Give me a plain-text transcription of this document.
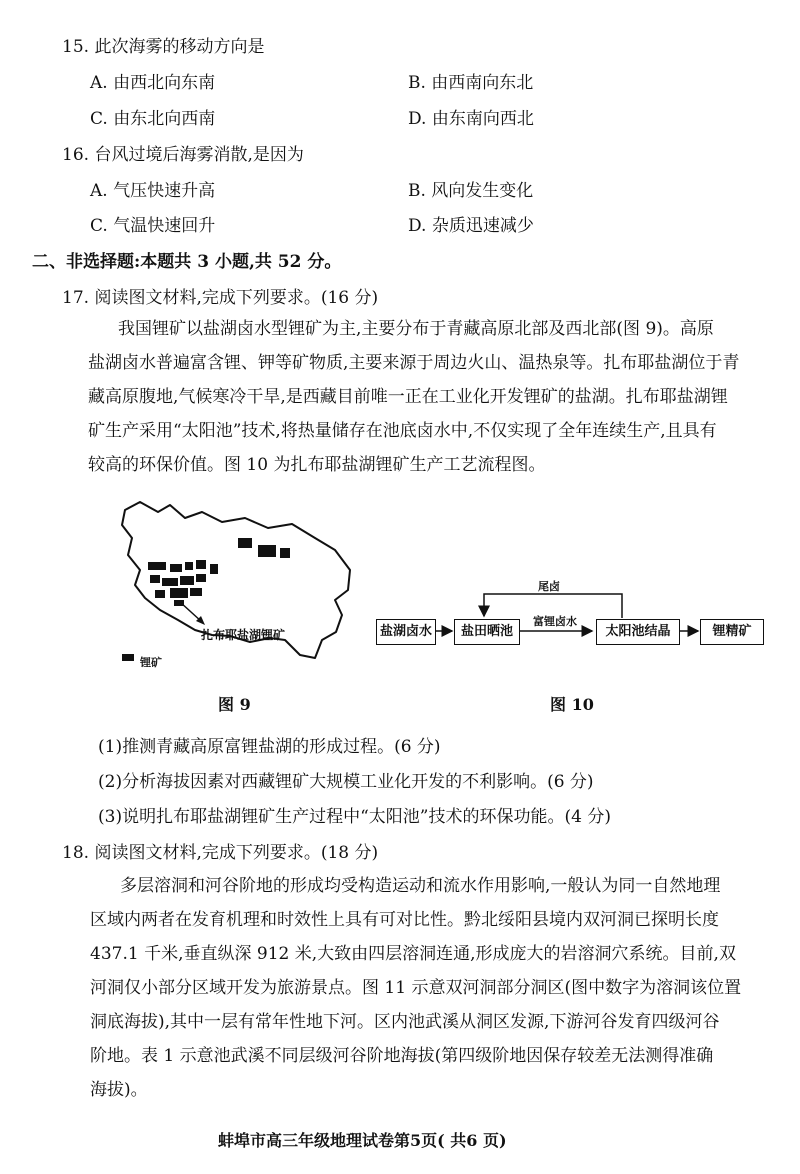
15. 此次海雾的移动方向是
A. 由西北向东南	B. 由西南向东北
C. 由东北向西南	D. 由东南向西北
16. 台风过境后海雾消散,是因为
A. 气压快速升高	B. 风向发生变化
C. 气温快速回升	D. 杂质迅速减少
二、非选择题:本题共 3 小题,共 52 分。
17. 阅读图文材料,完成下列要求。(16 分)

我国锂矿以盐湖卤水型锂矿为主,主要分布于青藏高原北部及西北部(图 9)。高原

盐湖卤水普遍富含锂、钾等矿物质,主要来源于周边火山、温热泉等。扎布耶盐湖位于青

藏高原腹地,气候寒冷干旱,是西藏目前唯一正在工业化开发锂矿的盐湖。扎布耶盐湖锂

矿生产采用“太阳池”技术,将热量储存在池底卤水中,不仅实现了全年连续生产,且具有

较高的环保价值。图 10 为扎布耶盐湖锂矿生产工艺流程图。

扎布耶盐湖锂矿
锂矿
盐湖卤水	盐田晒池	太阳池结晶	锂精矿
尾卤
富锂卤水
图 9	图 10
(1)推测青藏高原富锂盐湖的形成过程。(6 分)
(2)分析海拔因素对西藏锂矿大规模工业化开发的不利影响。(6 分)
(3)说明扎布耶盐湖锂矿生产过程中“太阳池”技术的环保功能。(4 分)
18. 阅读图文材料,完成下列要求。(18 分)

多层溶洞和河谷阶地的形成均受构造运动和流水作用影响,一般认为同一自然地理

区域内两者在发育机理和时效性上具有可对比性。黔北绥阳县境内双河洞已探明长度

437.1 千米,垂直纵深 912 米,大致由四层溶洞连通,形成庞大的岩溶洞穴系统。目前,双

河洞仅小部分区域开发为旅游景点。图 11 示意双河洞部分洞区(图中数字为溶洞该位置

洞底海拔),其中一层有常年性地下河。区内池武溪从洞区发源,下游河谷发育四级河谷

阶地。表 1 示意池武溪不同层级河谷阶地海拔(第四级阶地因保存较差无法测得准确

海拔)。

蚌埠市高三年级地理试卷第5页( 共6 页)
